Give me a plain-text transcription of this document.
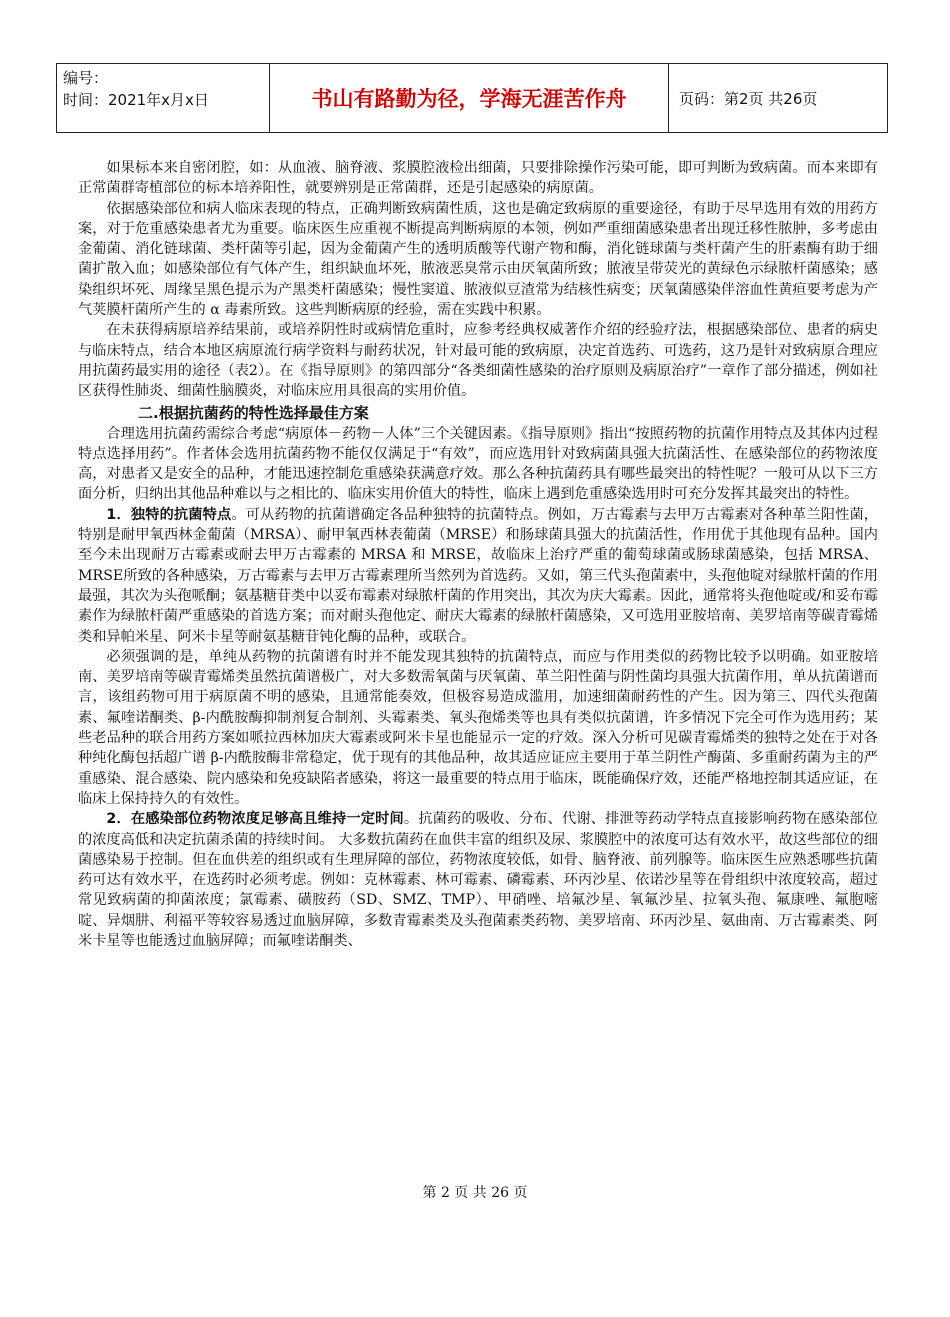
编号：
时间：2021年x月x日	书山有路勤为径，学海无涯苦作舟	页码：第2页 共26页

如果标本来自密闭腔，如：从血液、脑脊液、浆膜腔液检出细菌，只要排除操作污染可能，即可判断为致病菌。而本来即有正常菌群寄植部位的标本培养阳性，就要辨别是正常菌群，还是引起感染的病原菌。

依据感染部位和病人临床表现的特点，正确判断致病菌性质，这也是确定致病原的重要途径，有助于尽早选用有效的用药方案，对于危重感染患者尤为重要。临床医生应重视不断提高判断病原的本领，例如严重细菌感染患者出现迁移性脓肿，多考虑由金葡菌、消化链球菌、类杆菌等引起，因为金葡菌产生的透明质酸等代谢产物和酶，消化链球菌与类杆菌产生的肝素酶有助于细菌扩散入血；如感染部位有气体产生，组织缺血坏死，脓液恶臭常示由厌氧菌所致；脓液呈带荧光的黄绿色示绿脓杆菌感染；感染组织坏死、周缘呈黑色提示为产黑类杆菌感染；慢性窦道、脓液似豆渣常为结核性病变；厌氧菌感染伴溶血性黄疸要考虑为产气荚膜杆菌所产生的 α 毒素所致。这些判断病原的经验，需在实践中积累。

在未获得病原培养结果前，或培养阴性时或病情危重时，应参考经典权威著作介绍的经验疗法，根据感染部位、患者的病史与临床特点，结合本地区病原流行病学资料与耐药状况，针对最可能的致病原，决定首选药、可选药，这乃是针对致病原合理应用抗菌药最实用的途径（表2）。在《指导原则》的第四部分“各类细菌性感染的治疗原则及病原治疗”一章作了部分描述，例如社区获得性肺炎、细菌性脑膜炎，对临床应用具很高的实用价值。

二.根据抗菌药的特性选择最佳方案

合理选用抗菌药需综合考虑“病原体－药物－人体”三个关键因素。《指导原则》指出“按照药物的抗菌作用特点及其体内过程特点选择用药”。作者体会选用抗菌药物不能仅仅满足于“有效”，而应选用针对致病菌具强大抗菌活性、在感染部位的药物浓度高，对患者又是安全的品种，才能迅速控制危重感染获满意疗效。那么各种抗菌药具有哪些最突出的特性呢？一般可从以下三方面分析，归纳出其他品种难以与之相比的、临床实用价值大的特性，临床上遇到危重感染选用时可充分发挥其最突出的特性。

1．独特的抗菌特点。可从药物的抗菌谱确定各品种独特的抗菌特点。例如，万古霉素与去甲万古霉素对各种革兰阳性菌，特别是耐甲氧西林金葡菌（MRSA）、耐甲氧西林表葡菌（MRSE）和肠球菌具强大的抗菌活性，作用优于其他现有品种。国内至今未出现耐万古霉素或耐去甲万古霉素的 MRSA 和 MRSE，故临床上治疗严重的葡萄球菌或肠球菌感染，包括 MRSA、MRSE所致的各种感染，万古霉素与去甲万古霉素理所当然列为首选药。又如，第三代头孢菌素中，头孢他啶对绿脓杆菌的作用最强，其次为头孢哌酮；氨基糖苷类中以妥布霉素对绿脓杆菌的作用突出，其次为庆大霉素。因此，通常将头孢他啶或/和妥布霉素作为绿脓杆菌严重感染的首选方案；而对耐头孢他定、耐庆大霉素的绿脓杆菌感染，又可选用亚胺培南、美罗培南等碳青霉烯类和异帕米星、阿米卡星等耐氨基糖苷钝化酶的品种，或联合。

必须强调的是，单纯从药物的抗菌谱有时并不能发现其独特的抗菌特点，而应与作用类似的药物比较予以明确。如亚胺培南、美罗培南等碳青霉烯类虽然抗菌谱极广，对大多数需氧菌与厌氧菌、革兰阳性菌与阴性菌均具强大抗菌作用，单从抗菌谱而言，该组药物可用于病原菌不明的感染，且通常能奏效，但极容易造成滥用，加速细菌耐药性的产生。因为第三、四代头孢菌素、氟喹诺酮类、β-内酰胺酶抑制剂复合制剂、头霉素类、氧头孢烯类等也具有类似抗菌谱，许多情况下完全可作为选用药；某些老品种的联合用药方案如哌拉西林加庆大霉素或阿米卡星也能显示一定的疗效。深入分析可见碳青霉烯类的独特之处在于对各种纯化酶包括超广谱 β-内酰胺酶非常稳定，优于现有的其他品种，故其适应证应主要用于革兰阴性产酶菌、多重耐药菌为主的严重感染、混合感染、院内感染和免疫缺陷者感染，将这一最重要的特点用于临床，既能确保疗效，还能严格地控制其适应证，在临床上保持持久的有效性。

2．在感染部位药物浓度足够高且维持一定时间。抗菌药的吸收、分布、代谢、排泄等药动学特点直接影响药物在感染部位的浓度高低和决定抗菌杀菌的持续时间。 大多数抗菌药在血供丰富的组织及尿、浆膜腔中的浓度可达有效水平，故这些部位的细菌感染易于控制。但在血供差的组织或有生理屏障的部位，药物浓度较低，如骨、脑脊液、前列腺等。临床医生应熟悉哪些抗菌药可达有效水平，在选药时必须考虑。例如：克林霉素、林可霉素、磷霉素、环丙沙星、依诺沙星等在骨组织中浓度较高，超过常见致病菌的抑菌浓度；氯霉素、磺胺药（SD、SMZ、TMP）、甲硝唑、培氟沙星、氧氟沙星、拉氧头孢、氟康唑、氟胞嘧啶、异烟肼、利福平等较容易透过血脑屏障，多数青霉素类及头孢菌素类药物、美罗培南、环丙沙星、氨曲南、万古霉素类、阿米卡星等也能透过血脑屏障；而氟喹诺酮类、

第 2 页 共 26 页
